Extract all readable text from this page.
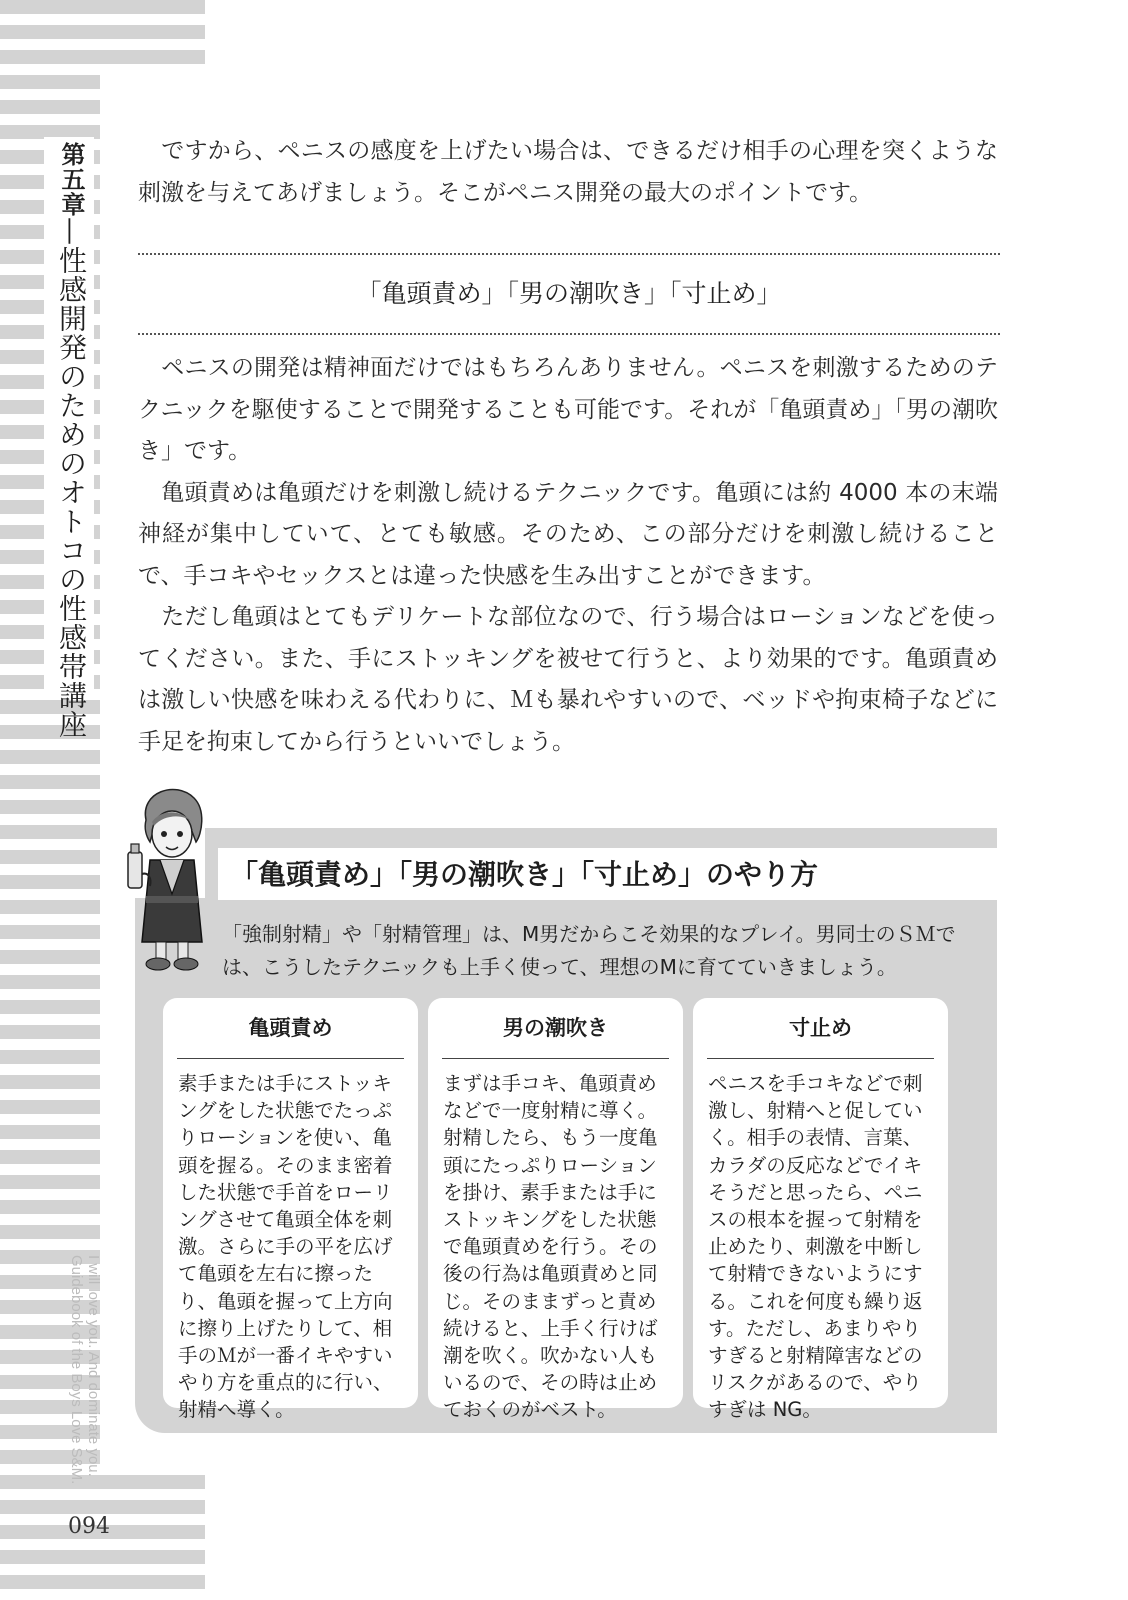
第五章—性感開発のためのオトコの性感帯講座
I will love you. And dominate you. Guidebook of the Boys Love S&M.
094

　ですから、ペニスの感度を上げたい場合は、できるだけ相手の心理を突くような刺激を与えてあげましょう。そこがペニス開発の最大のポイントです。

「亀頭責め」「男の潮吹き」「寸止め」
　ペニスの開発は精神面だけではもちろんありません。ペニスを刺激するためのテクニックを駆使することで開発することも可能です。それが「亀頭責め」「男の潮吹き」です。
　亀頭責めは亀頭だけを刺激し続けるテクニックです。亀頭には約 4000 本の末端神経が集中していて、とても敏感。そのため、この部分だけを刺激し続けることで、手コキやセックスとは違った快感を生み出すことができます。
　ただし亀頭はとてもデリケートな部位なので、行う場合はローションなどを使ってください。また、手にストッキングを被せて行うと、より効果的です。亀頭責めは激しい快感を味わえる代わりに、Ｍも暴れやすいので、ベッドや拘束椅子などに手足を拘束してから行うといいでしょう。
「亀頭責め」「男の潮吹き」「寸止め」のやり方

「強制射精」や「射精管理」は、M男だからこそ効果的なプレイ。男同士のＳＭでは、こうしたテクニックも上手く使って、理想のMに育てていきましょう。

亀頭責め

素手または手にストッキングをした状態でたっぷりローションを使い、亀頭を握る。そのまま密着した状態で手首をローリングさせて亀頭全体を刺激。さらに手の平を広げて亀頭を左右に擦ったり、亀頭を握って上方向に擦り上げたりして、相手のＭが一番イキやすいやり方を重点的に行い、射精へ導く。

男の潮吹き

まずは手コキ、亀頭責めなどで一度射精に導く。射精したら、もう一度亀頭にたっぷりローションを掛け、素手または手にストッキングをした状態で亀頭責めを行う。その後の行為は亀頭責めと同じ。そのままずっと責め続けると、上手く行けば潮を吹く。吹かない人もいるので、その時は止めておくのがベスト。

寸止め

ペニスを手コキなどで刺激し、射精へと促していく。相手の表情、言葉、カラダの反応などでイキそうだと思ったら、ペニスの根本を握って射精を止めたり、刺激を中断して射精できないようにする。これを何度も繰り返す。ただし、あまりやりすぎると射精障害などのリスクがあるので、やりすぎは NG。
